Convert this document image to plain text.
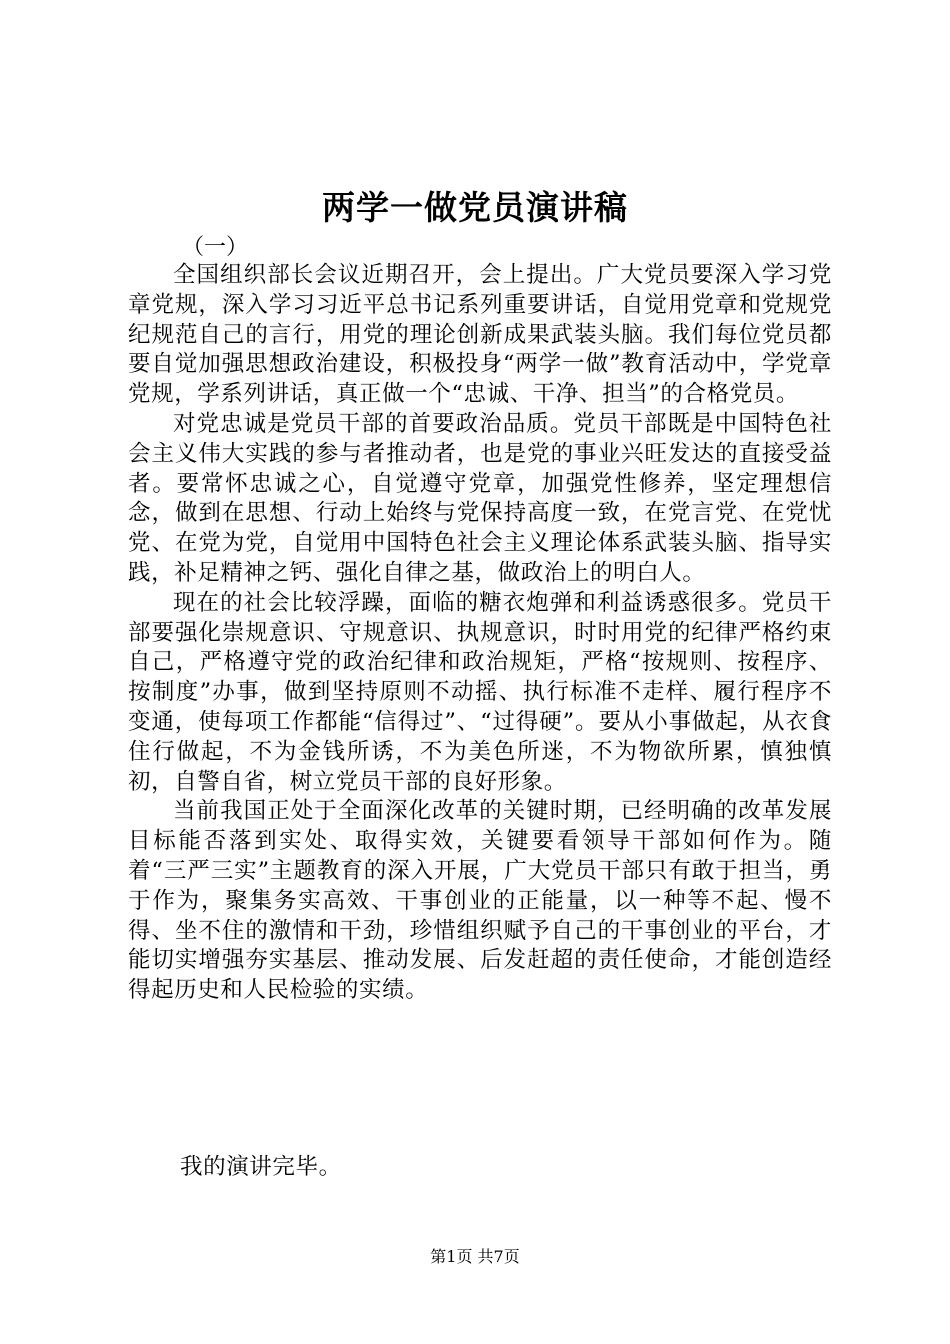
两学一做党员演讲稿
（一）

全国组织部长会议近期召开，会上提出。广大党员要深入学习党章党规，深入学习习近平总书记系列重要讲话，自觉用党章和党规党纪规范自己的言行，用党的理论创新成果武装头脑。我们每位党员都要自觉加强思想政治建设，积极投身“两学一做”教育活动中，学党章党规，学系列讲话，真正做一个“忠诚、干净、担当”的合格党员。

对党忠诚是党员干部的首要政治品质。党员干部既是中国特色社会主义伟大实践的参与者推动者，也是党的事业兴旺发达的直接受益者。要常怀忠诚之心，自觉遵守党章，加强党性修养，坚定理想信念，做到在思想、行动上始终与党保持高度一致，在党言党、在党忧党、在党为党，自觉用中国特色社会主义理论体系武装头脑、指导实践，补足精神之钙、强化自律之基，做政治上的明白人。

现在的社会比较浮躁，面临的糖衣炮弹和利益诱惑很多。党员干部要强化崇规意识、守规意识、执规意识，时时用党的纪律严格约束自己，严格遵守党的政治纪律和政治规矩，严格“按规则、按程序、按制度”办事，做到坚持原则不动摇、执行标准不走样、履行程序不变通，使每项工作都能“信得过”、“过得硬”。要从小事做起，从衣食住行做起，不为金钱所诱，不为美色所迷，不为物欲所累，慎独慎初，自警自省，树立党员干部的良好形象。

当前我国正处于全面深化改革的关键时期，已经明确的改革发展目标能否落到实处、取得实效，关键要看领导干部如何作为。随着“三严三实”主题教育的深入开展，广大党员干部只有敢于担当，勇于作为，聚集务实高效、干事创业的正能量，以一种等不起、慢不得、坐不住的激情和干劲，珍惜组织赋予自己的干事创业的平台，才能切实增强夯实基层、推动发展、后发赶超的责任使命，才能创造经得起历史和人民检验的实绩。

我的演讲完毕。
第1页 共7页
